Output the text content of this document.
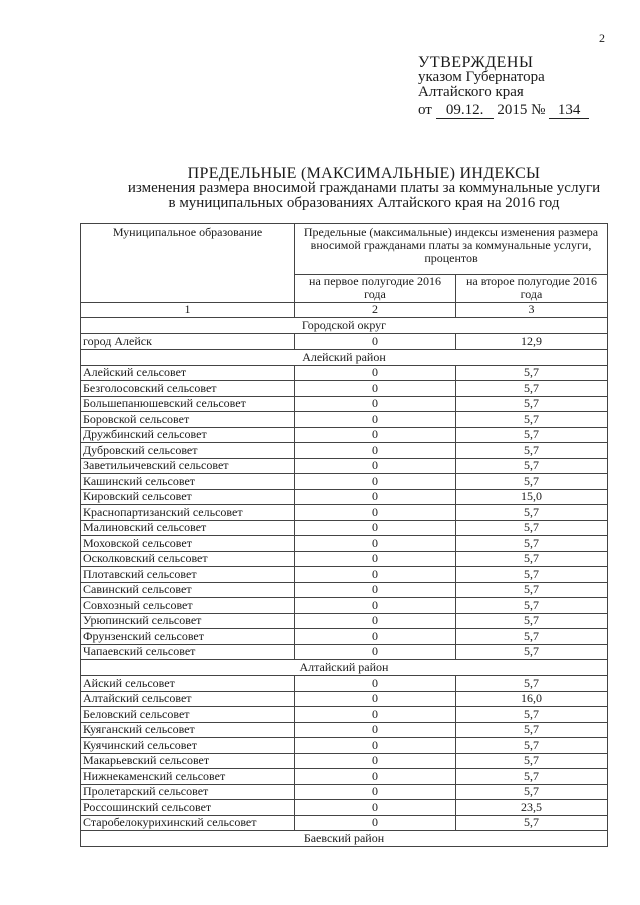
2
УТВЕРЖДЕНЫ
указом Губернатора
Алтайского края
от 09.12. 2015 № 134
ПРЕДЕЛЬНЫЕ (МАКСИМАЛЬНЫЕ) ИНДЕКСЫ
изменения размера вносимой гражданами платы за коммунальные услуги
в муниципальных образованиях Алтайского края на 2016 год
Муниципальное образование	Предельные (максимальные) индексы изменения размера вносимой гражданами платы за коммунальные услуги, процентов	
	на первое полугодие 2016 года	на второе полугодие 2016 года
1	2	3
Городской округ		
город Алейск	0	12,9
Алейский район		
Алейский сельсовет	0	5,7
Безголосовский сельсовет	0	5,7
Большепанюшевский сельсовет	0	5,7
Боровской сельсовет	0	5,7
Дружбинский сельсовет	0	5,7
Дубровский сельсовет	0	5,7
Заветильичевский сельсовет	0	5,7
Кашинский сельсовет	0	5,7
Кировский сельсовет	0	15,0
Краснопартизанский сельсовет	0	5,7
Малиновский сельсовет	0	5,7
Моховской сельсовет	0	5,7
Осколковский сельсовет	0	5,7
Плотавский сельсовет	0	5,7
Савинский сельсовет	0	5,7
Совхозный сельсовет	0	5,7
Урюпинский сельсовет	0	5,7
Фрунзенский сельсовет	0	5,7
Чапаевский сельсовет	0	5,7
Алтайский район		
Айский сельсовет	0	5,7
Алтайский сельсовет	0	16,0
Беловский сельсовет	0	5,7
Куяганский сельсовет	0	5,7
Куячинский сельсовет	0	5,7
Макарьевский сельсовет	0	5,7
Нижнекаменский сельсовет	0	5,7
Пролетарский сельсовет	0	5,7
Россошинский сельсовет	0	23,5
Старобелокурихинский сельсовет	0	5,7
Баевский район		
